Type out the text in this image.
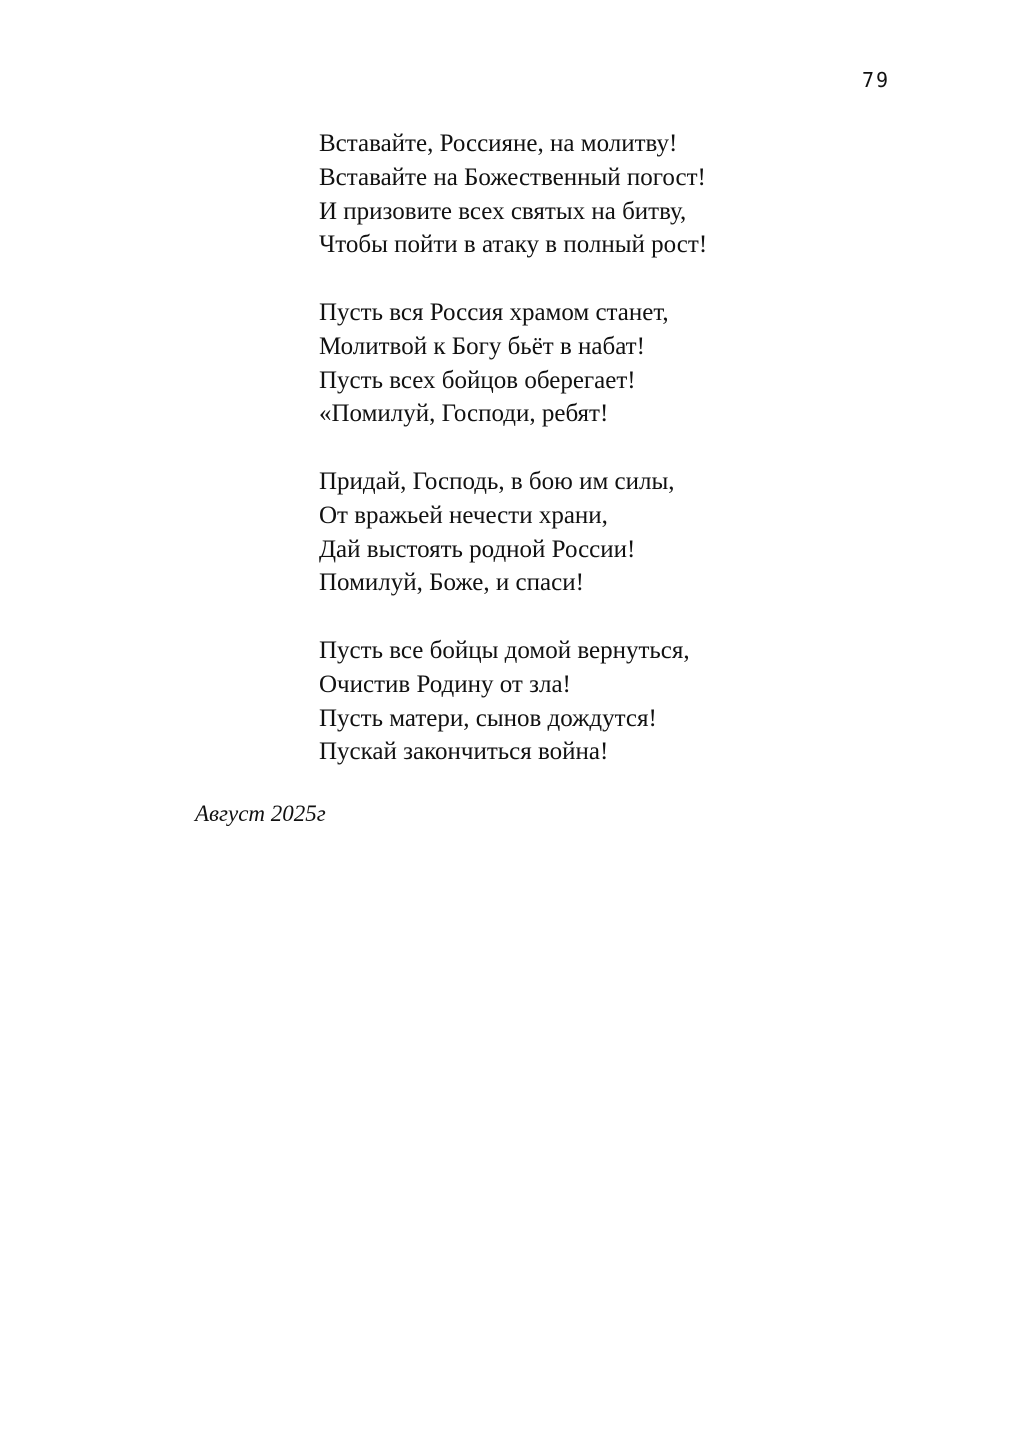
79
Вставайте, Россияне, на молитву!
Вставайте на Божественный погост!
И призовите всех святых на битву,
Чтобы пойти в атаку в полный рост!
Пусть вся Россия храмом станет,
Молитвой к Богу бьёт в набат!
Пусть всех бойцов оберегает!
«Помилуй, Господи, ребят!
Придай, Господь, в бою им силы,
От вражьей нечести храни,
Дай выстоять родной России!
Помилуй, Боже, и спаси!
Пусть все бойцы домой вернуться,
Очистив Родину от зла!
Пусть матери, сынов дождутся!
Пускай закончиться война!
Август 2025г
